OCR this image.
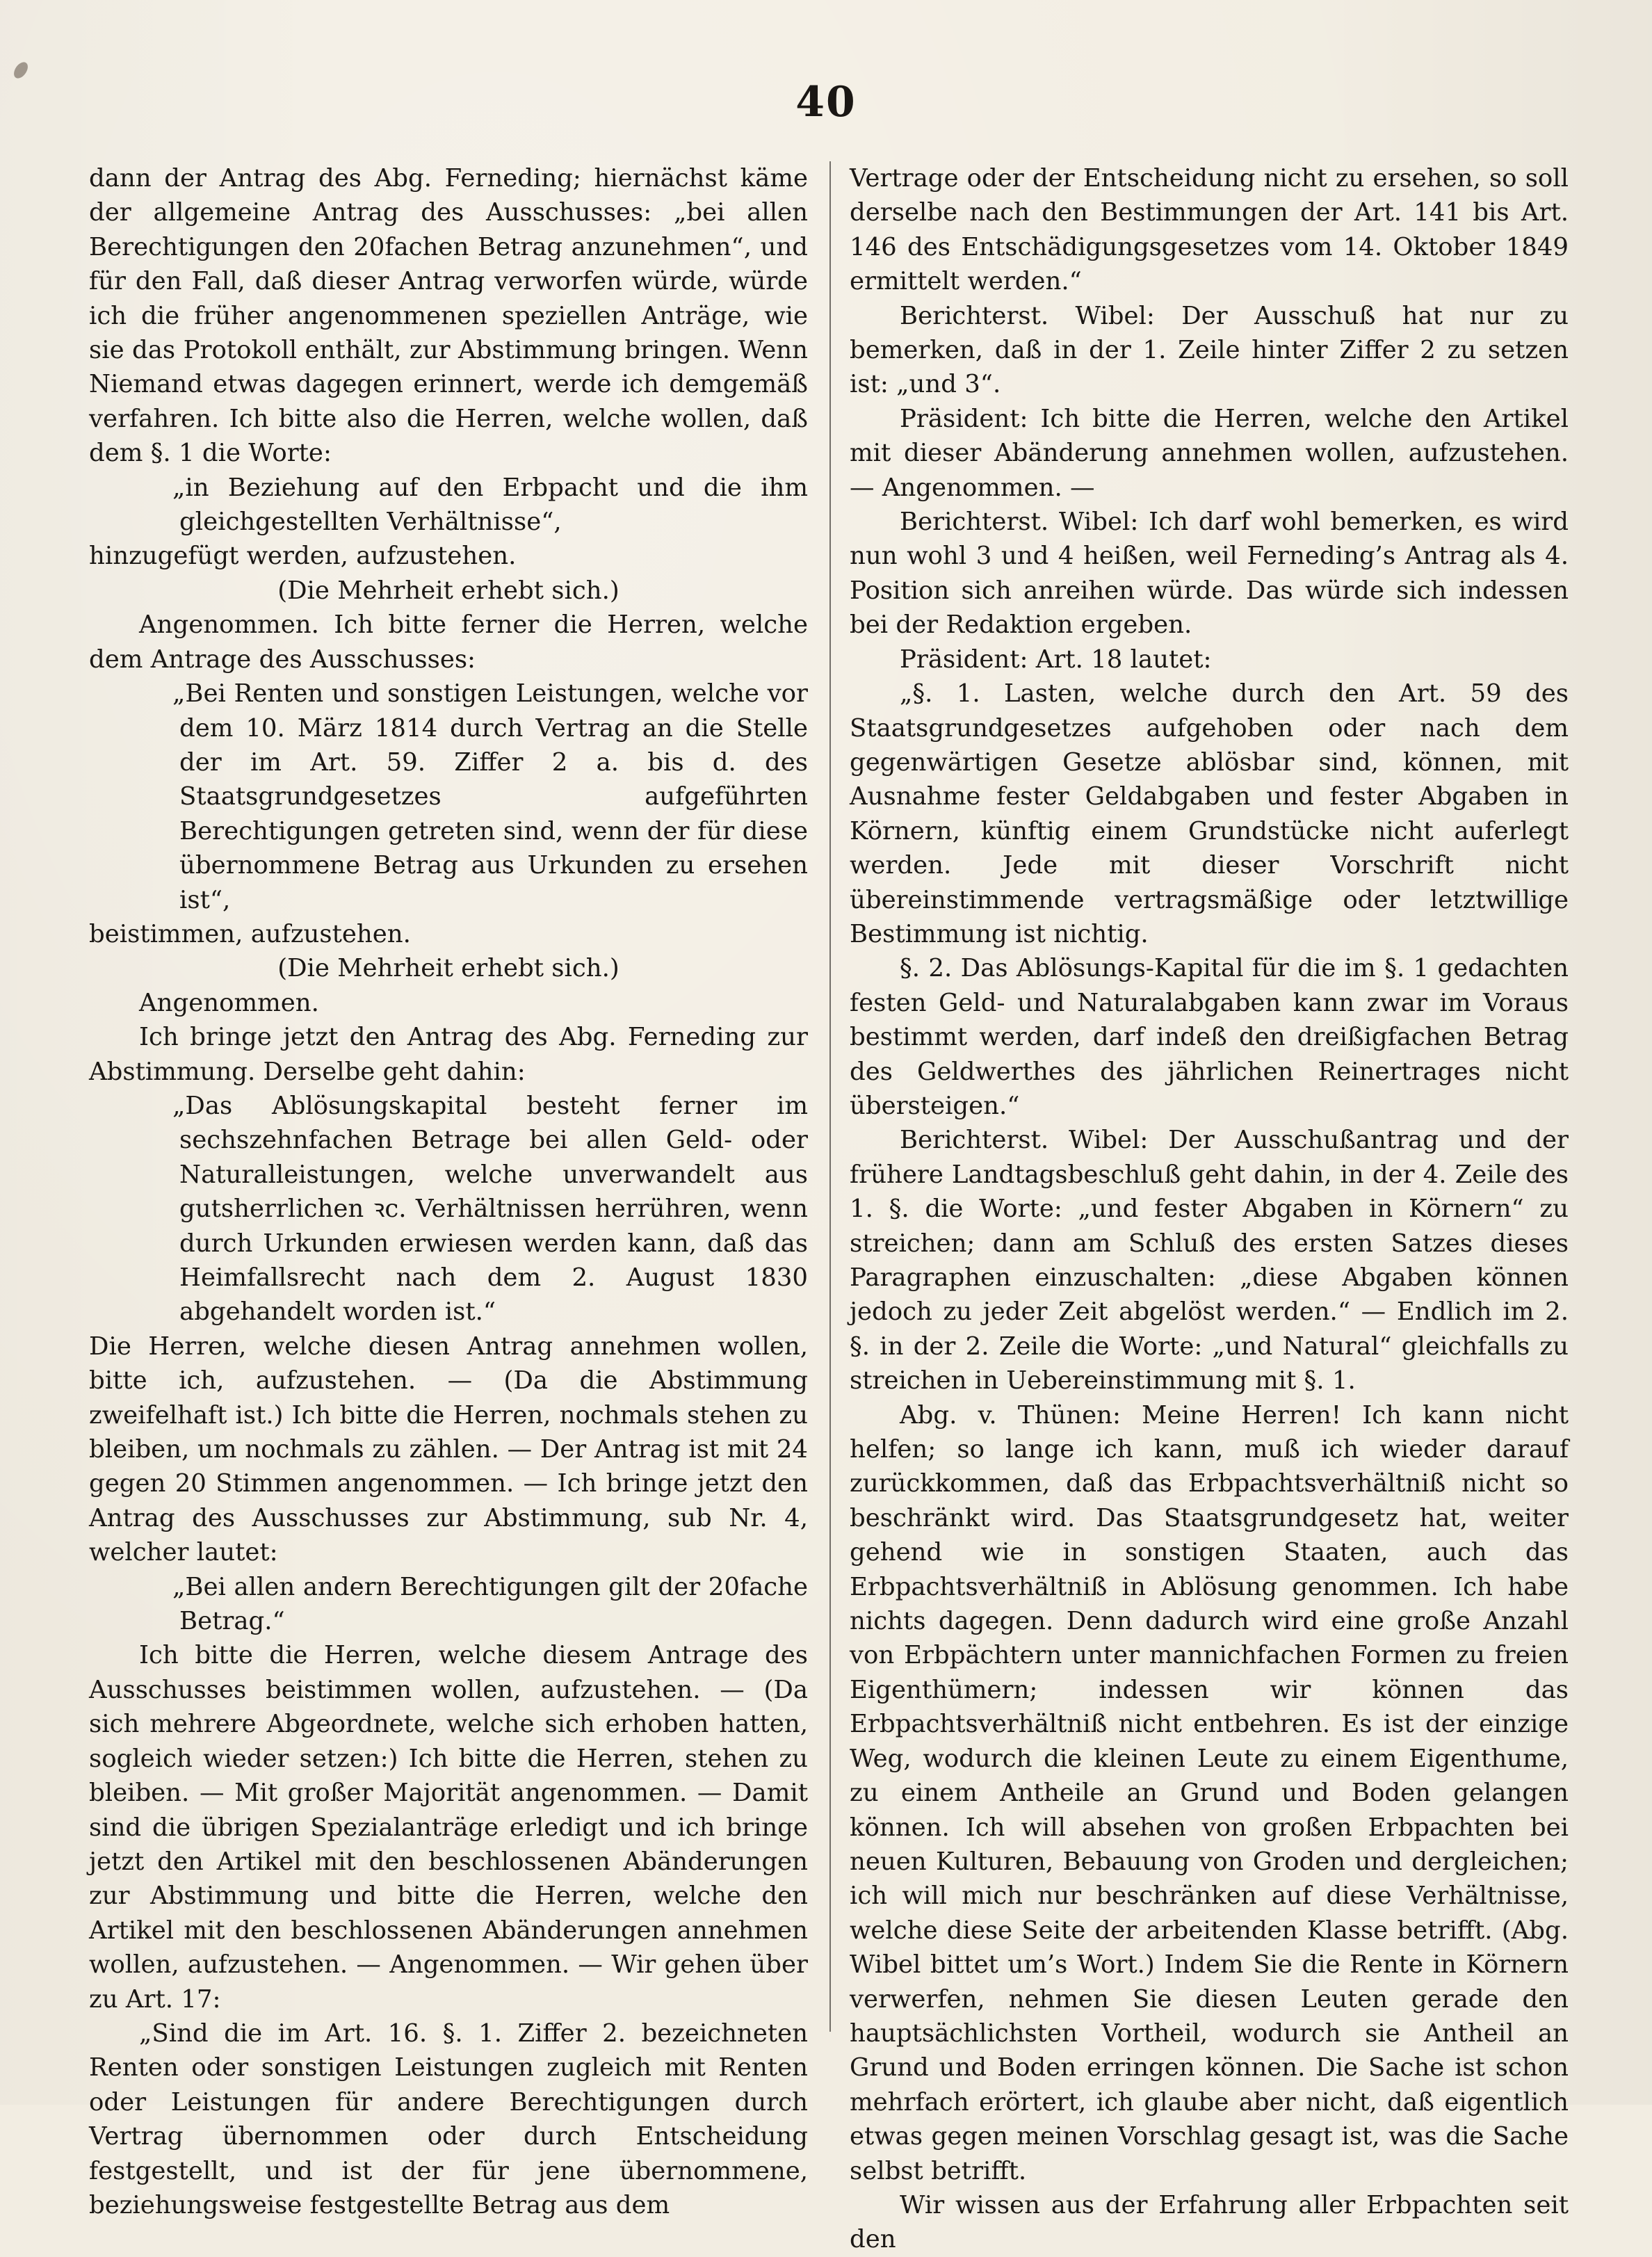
40

dann der Antrag des Abg. Ferneding; hiernächst käme der allgemeine Antrag des Ausschusses: „bei allen Berechtigungen den 20fachen Betrag anzunehmen“, und für den Fall, daß dieser Antrag verworfen würde, würde ich die früher angenommenen speziellen Anträge, wie sie das Protokoll enthält, zur Abstimmung bringen. Wenn Niemand etwas dagegen erinnert, werde ich demgemäß verfahren. Ich bitte also die Herren, welche wollen, daß dem §. 1 die Worte:

„in Beziehung auf den Erbpacht und die ihm gleichgestellten Verhältnisse“,

hinzugefügt werden, aufzustehen.

(Die Mehrheit erhebt sich.)

Angenommen. Ich bitte ferner die Herren, welche dem Antrage des Ausschusses:

„Bei Renten und sonstigen Leistungen, welche vor dem 10. März 1814 durch Vertrag an die Stelle der im Art. 59. Ziffer 2 a. bis d. des Staatsgrundgesetzes aufgeführten Berechtigungen getreten sind, wenn der für diese übernommene Betrag aus Urkunden zu ersehen ist“,

beistimmen, aufzustehen.

(Die Mehrheit erhebt sich.)

Angenommen.

Ich bringe jetzt den Antrag des Abg. Ferneding zur Abstimmung. Derselbe geht dahin:

„Das Ablösungskapital besteht ferner im sechszehnfachen Betrage bei allen Geld- oder Naturalleistungen, welche unverwandelt aus gutsherrlichen ꝛc. Verhältnissen herrühren, wenn durch Urkunden erwiesen werden kann, daß das Heimfallsrecht nach dem 2. August 1830 abgehandelt worden ist.“

Die Herren, welche diesen Antrag annehmen wollen, bitte ich, aufzustehen. — (Da die Abstimmung zweifelhaft ist.) Ich bitte die Herren, nochmals stehen zu bleiben, um nochmals zu zählen. — Der Antrag ist mit 24 gegen 20 Stimmen angenommen. — Ich bringe jetzt den Antrag des Ausschusses zur Abstimmung, sub Nr. 4, welcher lautet:

„Bei allen andern Berechtigungen gilt der 20fache Betrag.“

Ich bitte die Herren, welche diesem Antrage des Ausschusses beistimmen wollen, aufzustehen. — (Da sich mehrere Abgeordnete, welche sich erhoben hatten, sogleich wieder setzen:) Ich bitte die Herren, stehen zu bleiben. — Mit großer Majorität angenommen. — Damit sind die übrigen Spezialanträge erledigt und ich bringe jetzt den Artikel mit den beschlossenen Abänderungen zur Abstimmung und bitte die Herren, welche den Artikel mit den beschlossenen Abänderungen annehmen wollen, aufzustehen. — Angenommen. — Wir gehen über zu Art. 17:

„Sind die im Art. 16. §. 1. Ziffer 2. bezeichneten Renten oder sonstigen Leistungen zugleich mit Renten oder Leistungen für andere Berechtigungen durch Vertrag übernommen oder durch Entscheidung festgestellt, und ist der für jene übernommene, beziehungsweise festgestellte Betrag aus dem

Vertrage oder der Entscheidung nicht zu ersehen, so soll derselbe nach den Bestimmungen der Art. 141 bis Art. 146 des Entschädigungsgesetzes vom 14. Oktober 1849 ermittelt werden.“

Berichterst. Wibel: Der Ausschuß hat nur zu bemerken, daß in der 1. Zeile hinter Ziffer 2 zu setzen ist: „und 3“.

Präsident: Ich bitte die Herren, welche den Artikel mit dieser Abänderung annehmen wollen, aufzustehen. — Angenommen. —

Berichterst. Wibel: Ich darf wohl bemerken, es wird nun wohl 3 und 4 heißen, weil Ferneding’s Antrag als 4. Position sich anreihen würde. Das würde sich indessen bei der Redaktion ergeben.

Präsident: Art. 18 lautet:

„§. 1. Lasten, welche durch den Art. 59 des Staatsgrundgesetzes aufgehoben oder nach dem gegenwärtigen Gesetze ablösbar sind, können, mit Ausnahme fester Geldabgaben und fester Abgaben in Körnern, künftig einem Grundstücke nicht auferlegt werden. Jede mit dieser Vorschrift nicht übereinstimmende vertragsmäßige oder letztwillige Bestimmung ist nichtig.

§. 2. Das Ablösungs-Kapital für die im §. 1 gedachten festen Geld- und Naturalabgaben kann zwar im Voraus bestimmt werden, darf indeß den dreißigfachen Betrag des Geldwerthes des jährlichen Reinertrages nicht übersteigen.“

Berichterst. Wibel: Der Ausschußantrag und der frühere Landtagsbeschluß geht dahin, in der 4. Zeile des 1. §. die Worte: „und fester Abgaben in Körnern“ zu streichen; dann am Schluß des ersten Satzes dieses Paragraphen einzuschalten: „diese Abgaben können jedoch zu jeder Zeit abgelöst werden.“ — Endlich im 2. §. in der 2. Zeile die Worte: „und Natural“ gleichfalls zu streichen in Uebereinstimmung mit §. 1.

Abg. v. Thünen: Meine Herren! Ich kann nicht helfen; so lange ich kann, muß ich wieder darauf zurückkommen, daß das Erbpachtsverhältniß nicht so beschränkt wird. Das Staatsgrundgesetz hat, weiter gehend wie in sonstigen Staaten, auch das Erbpachtsverhältniß in Ablösung genommen. Ich habe nichts dagegen. Denn dadurch wird eine große Anzahl von Erbpächtern unter mannichfachen Formen zu freien Eigenthümern; indessen wir können das Erbpachtsverhältniß nicht entbehren. Es ist der einzige Weg, wodurch die kleinen Leute zu einem Eigenthume, zu einem Antheile an Grund und Boden gelangen können. Ich will absehen von großen Erbpachten bei neuen Kulturen, Bebauung von Groden und dergleichen; ich will mich nur beschränken auf diese Verhältnisse, welche diese Seite der arbeitenden Klasse betrifft. (Abg. Wibel bittet um’s Wort.) Indem Sie die Rente in Körnern verwerfen, nehmen Sie diesen Leuten gerade den hauptsächlichsten Vortheil, wodurch sie Antheil an Grund und Boden erringen können. Die Sache ist schon mehrfach erörtert, ich glaube aber nicht, daß eigentlich etwas gegen meinen Vorschlag gesagt ist, was die Sache selbst betrifft.

Wir wissen aus der Erfahrung aller Erbpachten seit den
